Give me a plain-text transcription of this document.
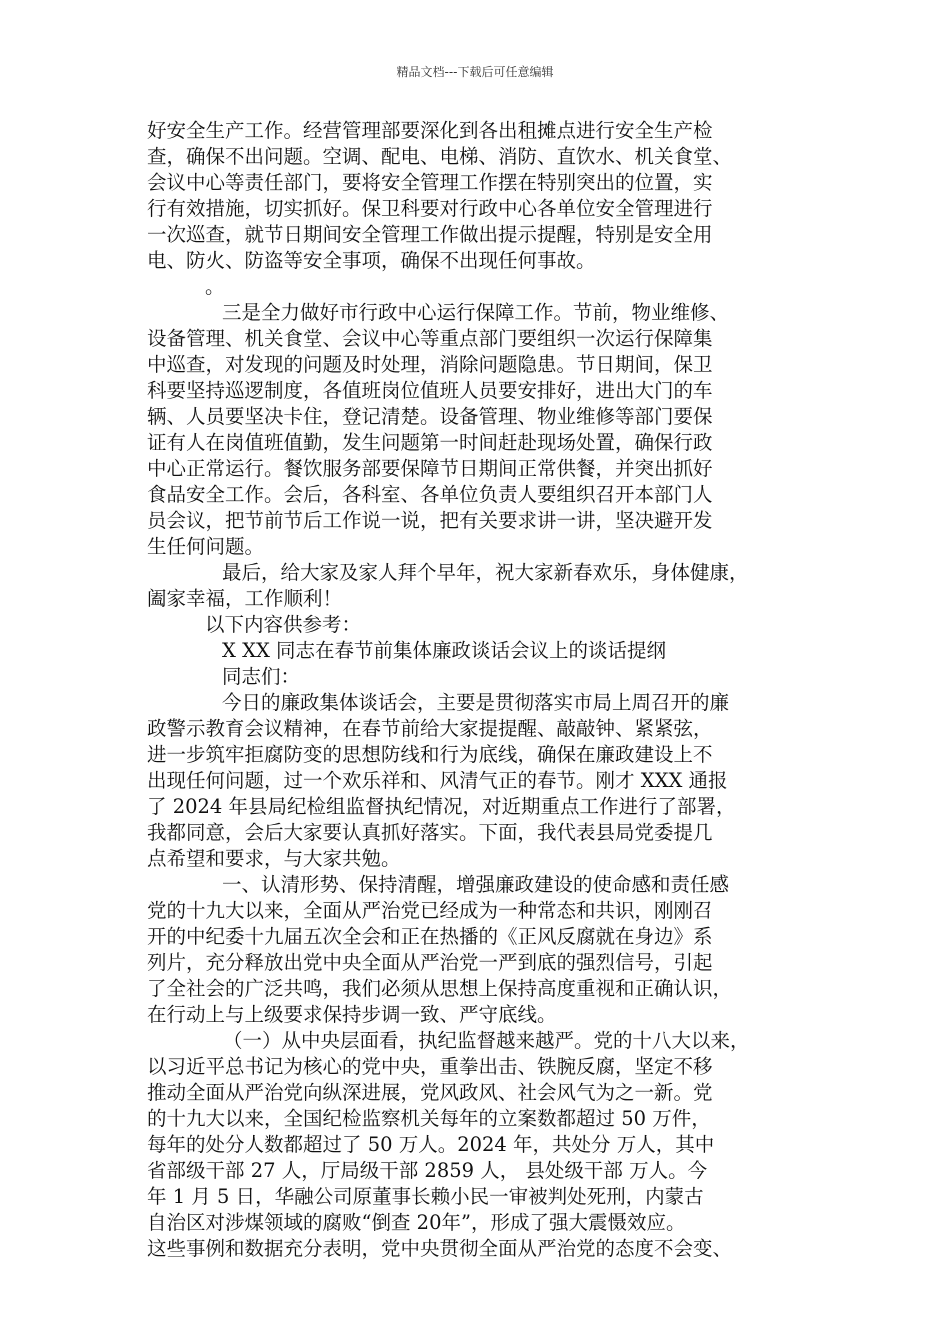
精品文档---下载后可任意编辑
好安全生产工作。经营管理部要深化到各出租摊点进行安全生产检
查，确保不出问题。空调、配电、电梯、消防、直饮水、机关食堂、
会议中心等责任部门，要将安全管理工作摆在特别突出的位置，实
行有效措施，切实抓好。保卫科要对行政中心各单位安全管理进行
一次巡查，就节日期间安全管理工作做出提示提醒，特别是安全用
电、防火、防盗等安全事项，确保不出现任何事故。
。
三是全力做好市行政中心运行保障工作。节前，物业维修、
设备管理、机关食堂、会议中心等重点部门要组织一次运行保障集
中巡查，对发现的问题及时处理，消除问题隐患。节日期间，保卫
科要坚持巡逻制度，各值班岗位值班人员要安排好，进出大门的车
辆、人员要坚决卡住，登记清楚。设备管理、物业维修等部门要保
证有人在岗值班值勤，发生问题第一时间赶赴现场处置，确保行政
中心正常运行。餐饮服务部要保障节日期间正常供餐，并突出抓好
食品安全工作。会后，各科室、各单位负责人要组织召开本部门人
员会议，把节前节后工作说一说，把有关要求讲一讲，坚决避开发
生任何问题。
最后，给大家及家人拜个早年，祝大家新春欢乐，身体健康，
阖家幸福，工作顺利！
以下内容供参考：
X XX 同志在春节前集体廉政谈话会议上的谈话提纲
同志们：
今日的廉政集体谈话会，主要是贯彻落实市局上周召开的廉
政警示教育会议精神，在春节前给大家提提醒、敲敲钟、紧紧弦，
进一步筑牢拒腐防变的思想防线和行为底线，确保在廉政建设上不
出现任何问题，过一个欢乐祥和、风清气正的春节。刚才 XXX 通报
了 2024 年县局纪检组监督执纪情况，对近期重点工作进行了部署，
我都同意，会后大家要认真抓好落实。下面，我代表县局党委提几
点希望和要求，与大家共勉。
一、认清形势、保持清醒，增强廉政建设的使命感和责任感
党的十九大以来，全面从严治党已经成为一种常态和共识，刚刚召
开的中纪委十九届五次全会和正在热播的《正风反腐就在身边》系
列片，充分释放出党中央全面从严治党一严到底的强烈信号，引起
了全社会的广泛共鸣，我们必须从思想上保持高度重视和正确认识，
在行动上与上级要求保持步调一致、严守底线。
（一）从中央层面看，执纪监督越来越严。党的十八大以来，
以习近平总书记为核心的党中央，重拳出击、铁腕反腐，坚定不移
推动全面从严治党向纵深进展，党风政风、社会风气为之一新。党
的十九大以来，全国纪检监察机关每年的立案数都超过 50 万件，
每年的处分人数都超过了 50 万人。2024 年，共处分 万人，其中
省部级干部 27 人，厅局级干部 2859 人， 县处级干部 万人。今
年 1 月 5 日，华融公司原董事长赖小民一审被判处死刑，内蒙古
自治区对涉煤领域的腐败“倒查 20年”，形成了强大震慑效应。
这些事例和数据充分表明，党中央贯彻全面从严治党的态度不会变、
